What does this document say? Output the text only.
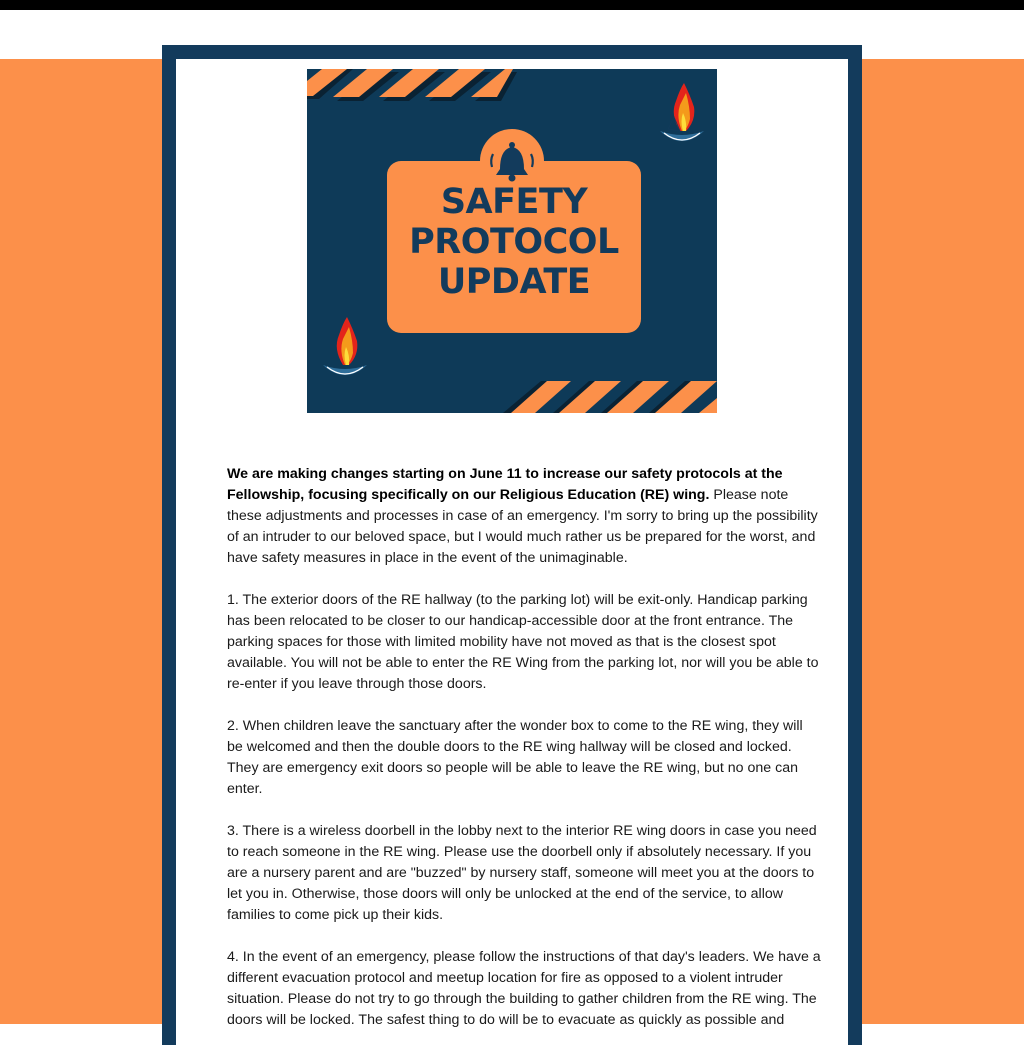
SAFETY
PROTOCOL
UPDATE

We are making changes starting on June 11 to increase our safety protocols at the Fellowship, focusing specifically on our Religious Education (RE) wing. Please note these adjustments and processes in case of an emergency. I'm sorry to bring up the possibility of an intruder to our beloved space, but I would much rather us be prepared for the worst, and have safety measures in place in the event of the unimaginable.

1. The exterior doors of the RE hallway (to the parking lot) will be exit-only. Handicap parking has been relocated to be closer to our handicap-accessible door at the front entrance. The parking spaces for those with limited mobility have not moved as that is the closest spot available. You will not be able to enter the RE Wing from the parking lot, nor will you be able to re-enter if you leave through those doors.

2. When children leave the sanctuary after the wonder box to come to the RE wing, they will be welcomed and then the double doors to the RE wing hallway will be closed and locked. They are emergency exit doors so people will be able to leave the RE wing, but no one can enter.

3. There is a wireless doorbell in the lobby next to the interior RE wing doors in case you need to reach someone in the RE wing. Please use the doorbell only if absolutely necessary. If you are a nursery parent and are "buzzed" by nursery staff, someone will meet you at the doors to let you in. Otherwise, those doors will only be unlocked at the end of the service, to allow families to come pick up their kids.

4. In the event of an emergency, please follow the instructions of that day's leaders. We have a different evacuation protocol and meetup location for fire as opposed to a violent intruder situation. Please do not try to go through the building to gather children from the RE wing. The doors will be locked. The safest thing to do will be to evacuate as quickly as possible and
